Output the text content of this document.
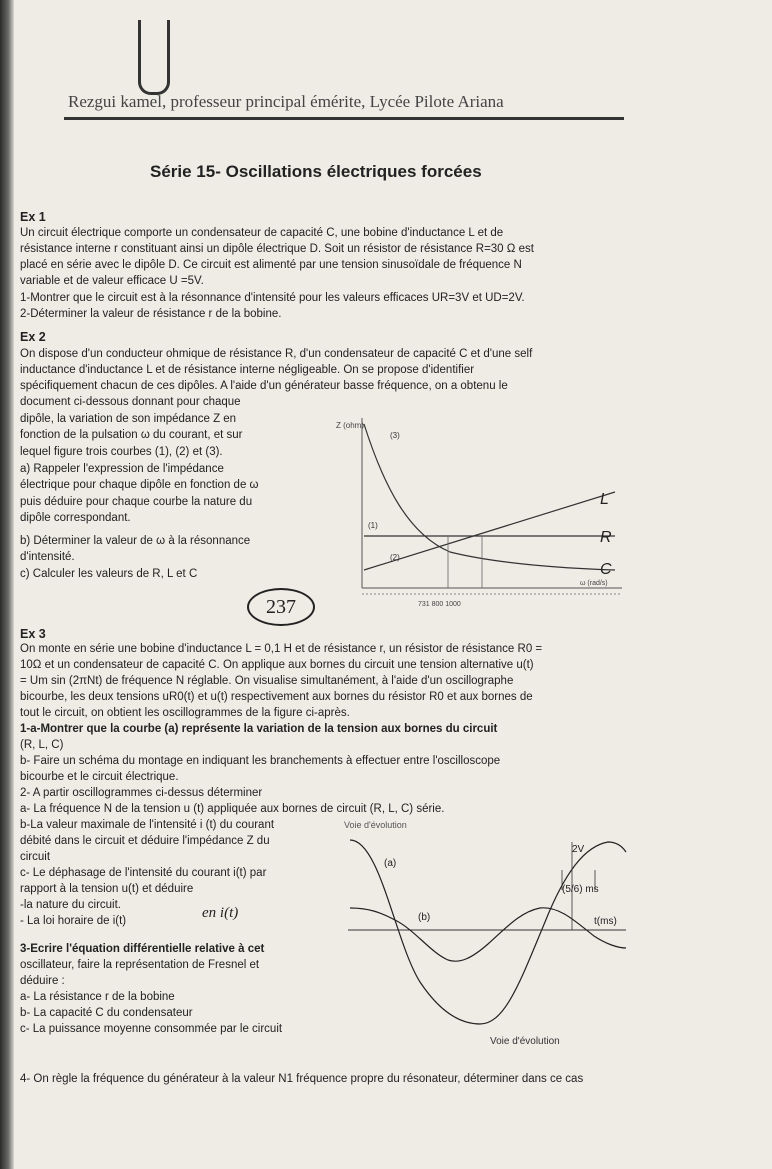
Rezgui kamel, professeur principal émérite, Lycée Pilote Ariana
Série 15- Oscillations électriques forcées
Ex 1
Un circuit électrique comporte un condensateur de capacité C, une bobine d'inductance L et de
résistance interne r constituant ainsi un dipôle électrique D. Soit un résistor de résistance R=30 Ω est
placé en série avec le dipôle D. Ce circuit est alimenté par une tension sinusoïdale de fréquence N
variable et de valeur efficace U =5V.
1-Montrer que le circuit est à la résonnance d'intensité pour les valeurs efficaces UR=3V et UD=2V.
2-Déterminer la valeur de résistance r de la bobine.
Ex 2
On dispose d'un conducteur ohmique de résistance R, d'un condensateur de capacité C et d'une self
inductance d'inductance L et de résistance interne négligeable. On se propose d'identifier
spécifiquement chacun de ces dipôles. A l'aide d'un générateur basse fréquence, on a obtenu le
document ci-dessous donnant pour chaque
dipôle, la variation de son impédance Z en
fonction de la pulsation ω du courant, et sur
lequel figure trois courbes (1), (2) et (3).
a) Rappeler l'expression de l'impédance
électrique pour chaque dipôle en fonction de ω
puis déduire pour chaque courbe la nature du
dipôle correspondant.
b) Déterminer la valeur de ω à la résonnance
d'intensité.
c) Calculer les valeurs de R, L et C
237
Z (ohm)
(3)
(1)
(2)
L
R
C
ω (rad/s)
731 800 1000
Ex 3
On monte en série une bobine d'inductance L = 0,1 H et de résistance r, un résistor de résistance R0 =
10Ω et un condensateur de capacité C. On applique aux bornes du circuit une tension alternative u(t)
= Um sin (2πNt) de fréquence N réglable. On visualise simultanément, à l'aide d'un oscillographe
bicourbe, les deux tensions uR0(t) et u(t) respectivement aux bornes du résistor R0 et aux bornes de
tout le circuit, on obtient les oscillogrammes de la figure ci-après.
1-a-Montrer que la courbe (a) représente la variation de la tension aux bornes du circuit
(R, L, C)
b- Faire un schéma du montage en indiquant les branchements à effectuer entre l'oscilloscope
bicourbe et le circuit électrique.
2- A partir oscillogrammes ci-dessus déterminer
a- La fréquence N de la tension u (t) appliquée aux bornes de circuit (R, L, C) série.
b-La valeur maximale de l'intensité i (t) du courant
débité dans le circuit et déduire l'impédance Z du
circuit
c- Le déphasage de l'intensité du courant i(t) par
rapport à la tension u(t) et déduire
-la nature du circuit.
- La loi horaire de i(t)
3-Ecrire l'équation différentielle relative à cet
oscillateur, faire la représentation de Fresnel et
déduire :
a- La résistance r de la bobine
b- La capacité C du condensateur
c- La puissance moyenne consommée par le circuit
4- On règle la fréquence du générateur à la valeur N1 fréquence propre du résonateur, déterminer dans ce cas
en i(t)
Voie d'évolution
(a)
(b)
2V
(5/6) ms
t(ms)
Voie d'évolution
